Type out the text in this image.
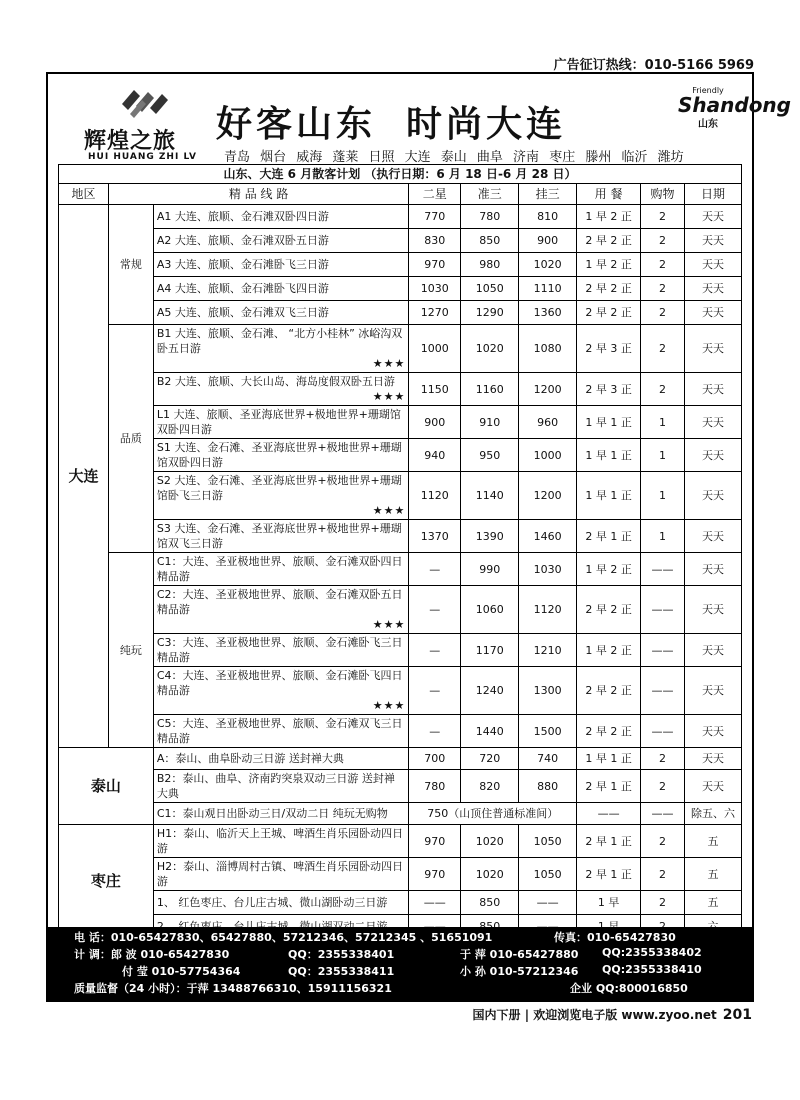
广告征订热线：010-5166 5969
辉煌之旅
HUI HUANG ZHI LV
好客山东 时尚大连
青岛 烟台 威海 蓬莱 日照 大连 泰山 曲阜 济南 枣庄 滕州 临沂 潍坊
Friendly
Shandong
山东
山东、大连 6 月散客计划 （执行日期：6 月 18 日-6 月 28 日）								
地区	精 品 线 路		二星	准三	挂三	用 餐	购物	日期
大连	常规	A1 大连、旅顺、金石滩双卧四日游	770	780	810	1 早 2 正	2	天天
		A2 大连、旅顺、金石滩双卧五日游	830	850	900	2 早 2 正	2	天天
		A3 大连、旅顺、金石滩卧飞三日游	970	980	1020	1 早 2 正	2	天天
		A4 大连、旅顺、金石滩卧飞四日游	1030	1050	1110	2 早 2 正	2	天天
		A5 大连、旅顺、金石滩双飞三日游	1270	1290	1360	2 早 2 正	2	天天
	品质	B1 大连、旅顺、金石滩、 “北方小桂林” 冰峪沟双卧五日游
★★★	1000	1020	1080	2 早 3 正	2	天天
		B2 大连、旅顺、大长山岛、海岛度假双卧五日游
★★★	1150	1160	1200	2 早 3 正	2	天天
		L1 大连、旅顺、圣亚海底世界+极地世界+珊瑚馆双卧四日游	900	910	960	1 早 1 正	1	天天
		S1 大连、金石滩、圣亚海底世界+极地世界+珊瑚馆双卧四日游	940	950	1000	1 早 1 正	1	天天
		S2 大连、金石滩、圣亚海底世界+极地世界+珊瑚馆卧飞三日游
★★★	1120	1140	1200	1 早 1 正	1	天天
		S3 大连、金石滩、圣亚海底世界+极地世界+珊瑚馆双飞三日游	1370	1390	1460	2 早 1 正	1	天天
	纯玩	C1：大连、圣亚极地世界、旅顺、金石滩双卧四日精品游	—	990	1030	1 早 2 正	——	天天
		C2：大连、圣亚极地世界、旅顺、金石滩双卧五日精品游
★★★	—	1060	1120	2 早 2 正	——	天天
		C3：大连、圣亚极地世界、旅顺、金石滩卧飞三日精品游	—	1170	1210	1 早 2 正	——	天天
		C4：大连、圣亚极地世界、旅顺、金石滩卧飞四日精品游
★★★	—	1240	1300	2 早 2 正	——	天天
		C5：大连、圣亚极地世界、旅顺、金石滩双飞三日精品游	—	1440	1500	2 早 2 正	——	天天
泰山		A：泰山、曲阜卧动三日游 送封禅大典	700	720	740	1 早 1 正	2	天天
		B2：泰山、曲阜、济南趵突泉双动三日游 送封禅大典	780	820	880	2 早 1 正	2	天天
		C1：泰山观日出卧动三日/双动二日 纯玩无购物	750（山顶住普通标准间）			——	——	除五、六
枣庄		H1：泰山、临沂天上王城、啤酒生肖乐园卧动四日游	970	1020	1050	2 早 1 正	2	五
		H2：泰山、淄博周村古镇、啤酒生肖乐园卧动四日游	970	1020	1050	2 早 1 正	2	五
		1、 红色枣庄、台儿庄古城、微山湖卧动三日游	——	850	——	1 早	2	五

电 话：010-65427830、65427880、57212346、57212345 、51651091	传真：010-65427830
计 调：郎 波 010-65427830	QQ：2355338401	于 萍 010-65427880 QQ:2355338402
付 莹 010-57754364	QQ：2355338411	小 孙 010-57212346 QQ:2355338410
质量监督（24 小时）：于萍 13488766310、15911156321	企业 QQ:800016850
国内下册 | 欢迎浏览电子版 www.zyoo.net 201
